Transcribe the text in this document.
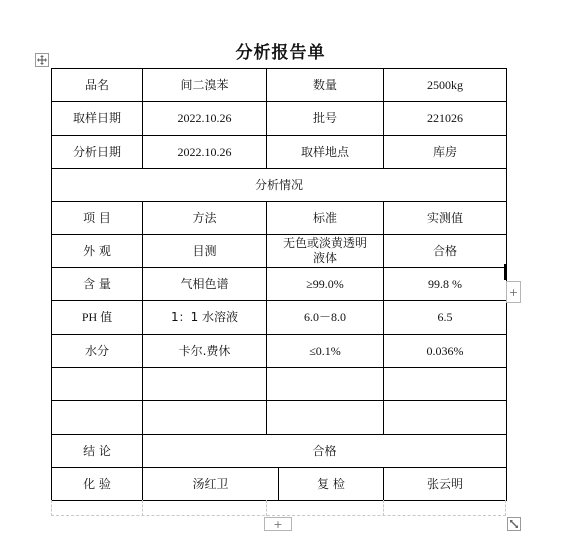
分析报告单
品名	间二溴苯	数量		2500kg
取样日期	2022.10.26	批号		221026
分析日期	2022.10.26	取样地点		库房
分析情况				
项 目	方法	标准		实测值
外 观	目测	无色或淡黄透明液体		合格
含 量	气相色谱	≥99.0%		99.8 %
PH 值	1：1 水溶液	6.0－8.0		6.5
水分	卡尔.费休	≤0.1%		0.036%

结 论	合格			
化 验	汤红卫		复 检	张云明
+
+
